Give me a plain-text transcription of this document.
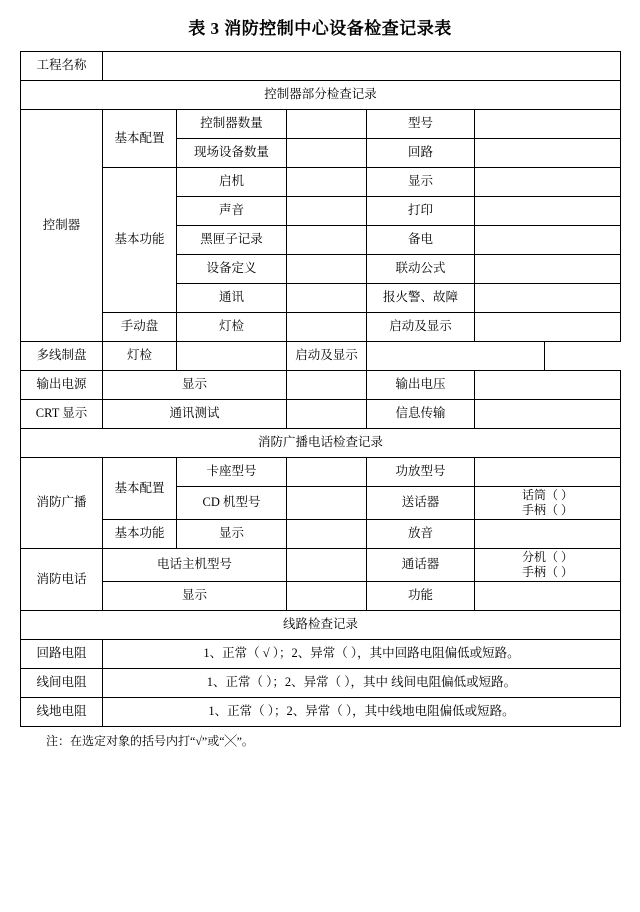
表 3 消防控制中心设备检查记录表
工程名称					
控制器部分检查记录					
控制器	基本配置	控制器数量		型号	
		现场设备数量		回路	
	基本功能	启机		显示	
		声音		打印	
		黑匣子记录		备电	
		设备定义		联动公式	
		通讯		报火警、故障	
	手动盘	灯检		启动及显示	
多线制盘	灯检		启动及显示		
输出电源	显示			输出电压	
CRT 显示	通讯测试			信息传输	
消防广播电话检查记录					
消防广播	基本配置	卡座型号		功放型号	
		CD 机型号		送话器	话筒（ ）
手柄（ ）

	基本功能	显示		放音	
消防电话	电话主机型号			通话器	分机（ ）
手柄（ ）

	显示			功能	
线路检查记录					
回路电阻	1、正常（ √ ）；2、异常（ ），其中回路电阻偏低或短路。				
线间电阻	1、正常（ ）；2、异常（ ），其中 线间电阻偏低或短路。				
线地电阻	1、正常（ ）；2、异常（ ），其中线地电阻偏低或短路。				
注：在选定对象的括号内打“√”或“╳”。
